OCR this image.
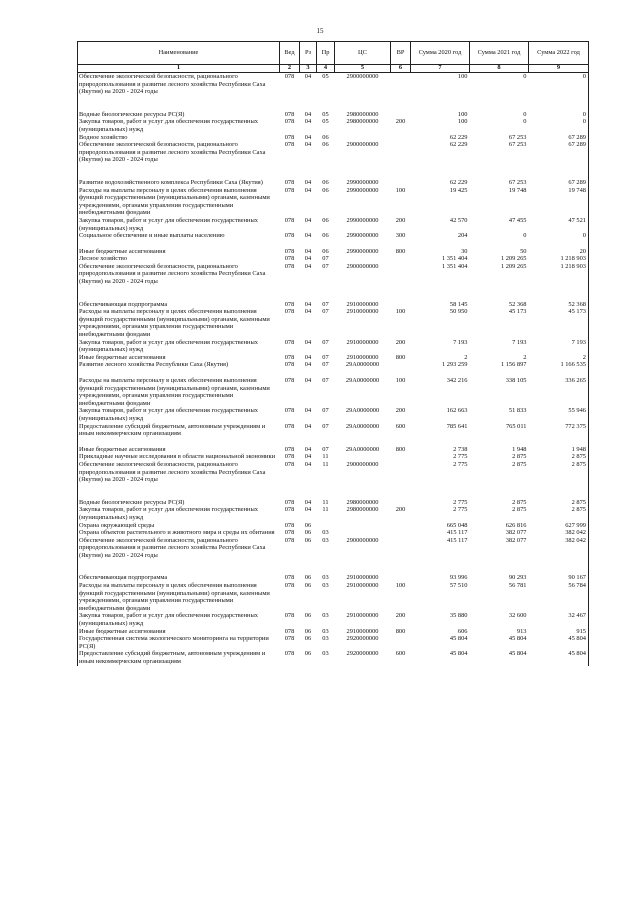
15
Наименование	Вед	Рз	Пр	ЦС	ВР	Сумма 2020 год	Сумма 2021 год	Сумма 2022 год
1	2	3	4	5	6	7	8	9
Обеспечение экологической безопасности, рационального природопользования и развитие лесного хозяйства Республики Саха (Якутия) на 2020 - 2024 годы	078	04	05	2900000000		100	0	0
Водные биологические ресурсы РС(Я)	078	04	05	2980000000		100	0	0
Закупка товаров, работ и услуг для обеспечения государственных (муниципальных) нужд	078	04	05	2980000000	200	100	0	0
Водное хозяйство	078	04	06			62 229	67 253	67 289
Обеспечение экологической безопасности, рационального природопользования и развитие лесного хозяйства Республики Саха (Якутия) на 2020 - 2024 годы	078	04	06	2900000000		62 229	67 253	67 289
Развитие водохозяйственного комплекса Республики Саха (Якутия)	078	04	06	2990000000		62 229	67 253	67 289
Расходы на выплаты персоналу в целях обеспечения выполнения функций государственными (муниципальными) органами, казенными учреждениями, органами управления государственными внебюджетными фондами	078	04	06	2990000000	100	19 425	19 748	19 748
Закупка товаров, работ и услуг для обеспечения государственных (муниципальных) нужд	078	04	06	2990000000	200	42 570	47 455	47 521
Социальное обеспечение и иные выплаты населению	078	04	06	2990000000	300	204	0	0
Иные бюджетные ассигнования	078	04	06	2990000000	800	30	50	20
Лесное хозяйство	078	04	07			1 351 404	1 209 265	1 218 903
Обеспечение экологической безопасности, рационального природопользования и развитие лесного хозяйства Республики Саха (Якутия) на 2020 - 2024 годы	078	04	07	2900000000		1 351 404	1 209 265	1 218 903
Обеспечивающая подпрограмма	078	04	07	2910000000		58 145	52 368	52 368
Расходы на выплаты персоналу в целях обеспечения выполнения функций государственными (муниципальными) органами, казенными учреждениями, органами управления государственными внебюджетными фондами	078	04	07	2910000000	100	50 950	45 173	45 173
Закупка товаров, работ и услуг для обеспечения государственных (муниципальных) нужд	078	04	07	2910000000	200	7 193	7 193	7 193
Иные бюджетные ассигнования	078	04	07	2910000000	800	2	2	2
Развитие лесного хозяйства Республики Саха (Якутия)	078	04	07	29А0000000		1 293 259	1 156 897	1 166 535
Расходы на выплаты персоналу в целях обеспечения выполнения функций государственными (муниципальными) органами, казенными учреждениями, органами управления государственными внебюджетными фондами	078	04	07	29А0000000	100	342 216	338 105	336 265
Закупка товаров, работ и услуг для обеспечения государственных (муниципальных) нужд	078	04	07	29А0000000	200	162 663	51 833	55 946
Предоставление субсидий бюджетным, автономным учреждениям и иным некоммерческим организациям	078	04	07	29А0000000	600	785 641	765 011	772 375
Иные бюджетные ассигнования	078	04	07	29А0000000	800	2 738	1 948	1 948
Прикладные научные исследования в области национальной экономики	078	04	11			2 775	2 875	2 875
Обеспечение экологической безопасности, рационального природопользования и развитие лесного хозяйства Республики Саха (Якутия) на 2020 - 2024 годы	078	04	11	2900000000		2 775	2 875	2 875
Водные биологические ресурсы РС(Я)	078	04	11	2980000000		2 775	2 875	2 875
Закупка товаров, работ и услуг для обеспечения государственных (муниципальных) нужд	078	04	11	2980000000	200	2 775	2 875	2 875
Охрана окружающей среды	078	06				665 048	626 816	627 999
Охрана объектов растительного и животного мира и среды их обитания	078	06	03			415 117	382 077	382 042
Обеспечение экологической безопасности, рационального природопользования и развитие лесного хозяйства Республики Саха (Якутия) на 2020 - 2024 годы	078	06	03	2900000000		415 117	382 077	382 042
Обеспечивающая подпрограмма	078	06	03	2910000000		93 996	90 293	90 167
Расходы на выплаты персоналу в целях обеспечения выполнения функций государственными (муниципальными) органами, казенными учреждениями, органами управления государственными внебюджетными фондами	078	06	03	2910000000	100	57 510	56 781	56 784
Закупка товаров, работ и услуг для обеспечения государственных (муниципальных) нужд	078	06	03	2910000000	200	35 880	32 600	32 467
Иные бюджетные ассигнования	078	06	03	2910000000	800	606	913	915
Государственная система экологического мониторинга на территории РС(Я)	078	06	03	2920000000		45 804	45 804	45 804
Предоставление субсидий бюджетным, автономным учреждениям и иным некоммерческим организациям	078	06	03	2920000000	600	45 804	45 804	45 804
